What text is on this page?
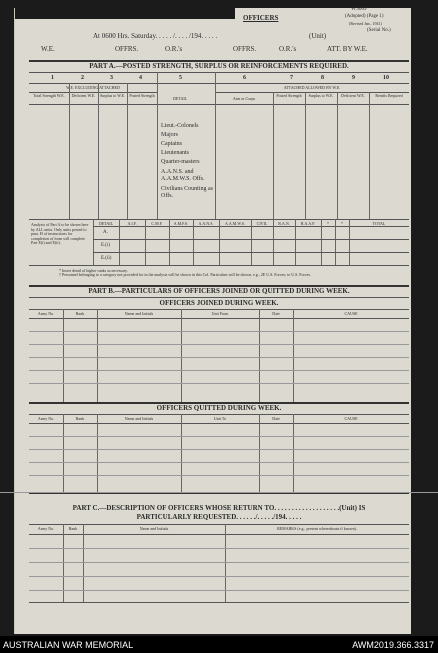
OFFICERS
W.3009
(Adopted) (Page 1)
(Revised Jan., 1941)
(Serial No.)
At 0600 Hrs. Saturday. . . . . /. . . . /194. . . . .	(Unit)
W.E.	OFFRS.	O.R.'s	OFFRS.	O.R.'s	ATT. BY W.E.
PART A.—POSTED STRENGTH, SURPLUS OR REINFORCEMENTS REQUIRED.
1	2	3	4	5	6	7	8	9	10
W.E. EXCLUDING ATTACHED	ATTACHED ALLOWED BY W.E.
DETAIL
Total Strength W.E.	Deficient W.E.	Surplus to W.E.	Posted Strength
Arm or Corps
Posted Strength	Surplus to W.E.	Deficient W.E.	Reinfts Required
Lieut.-Colonels
Majors
Captains
Lieutenants
Quarter-masters
A.A.N.S. and A.A.M.W.S. Offs.
Civilians Counting as Offs.
Analysis of Part A to be shown here by ALL units. Only units posted to para. H of instructions for completion of form will complete Part E(i) and E(ii).
DETAIL	A.I.F.	C.M.F.	A.M.F.S.	A.A.N.S.	A.A.M.W.S.	CIVIL	R.A.N.	R.A.A.F.	*	*	TOTAL
A.
E.(i)
E.(ii)
* Insert detail of higher ranks as necessary.
† Personnel belonging to a category not provided for in the analysis will be shown in this Col. Particulars will be shown, e.g., 2E U.S. Forces; to U.S. Forces.
PART B.—PARTICULARS OF OFFICERS JOINED OR QUITTED DURING WEEK.
OFFICERS JOINED DURING WEEK.
Army No.	Rank	Name and Initials	Unit From	Date	CAUSE
OFFICERS QUITTED DURING WEEK.
Army No.	Rank	Name and Initials	Unit To	Date	CAUSE
PART C.—DESCRIPTION OF OFFICERS WHOSE RETURN TO. . . . . . . . . . . . . . . . . . .(Unit) IS
PARTICULARLY REQUESTED. . . . . ./. . . . ./194. . . . .
Army No.	Rank	Name and Initials	REMARKS (e.g., present whereabouts if known).
AUSTRALIAN WAR MEMORIAL	AWM2019.366.3317
